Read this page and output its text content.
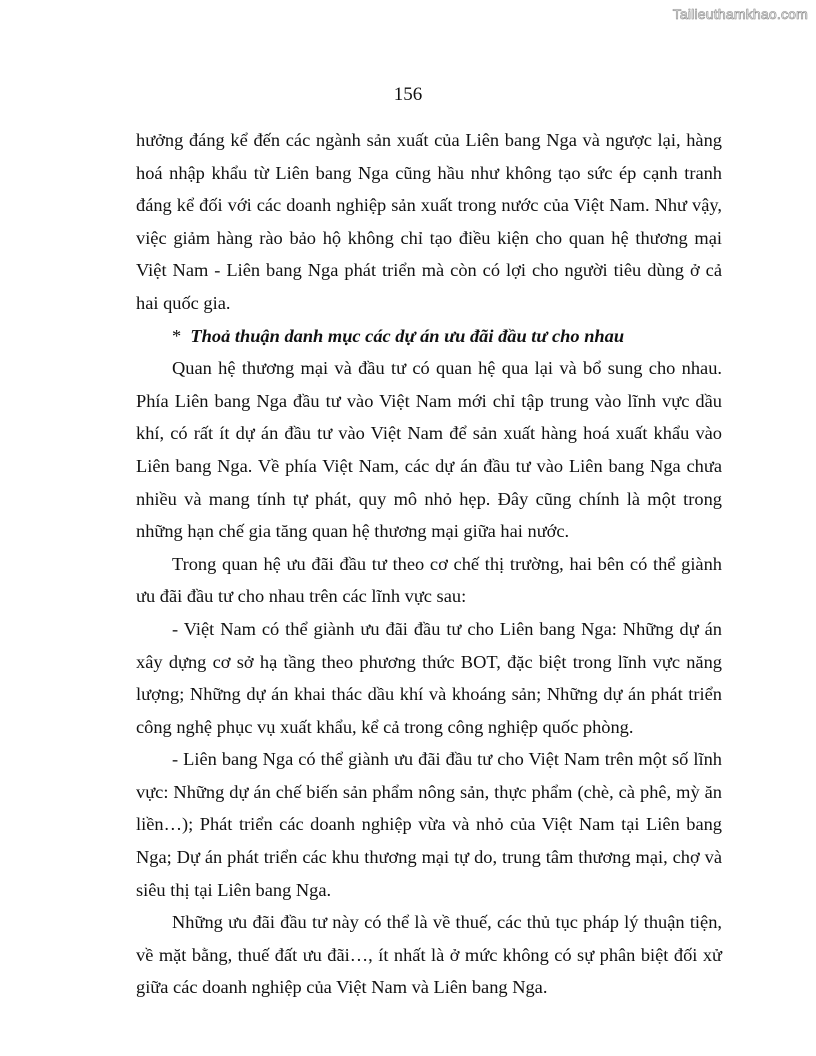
Tailieuthamkhao.com
156

hưởng đáng kể đến các ngành sản xuất của Liên bang Nga và ngược lại, hàng hoá nhập khẩu từ Liên bang Nga cũng hầu như không tạo sức ép cạnh tranh đáng kể đối với các doanh nghiệp sản xuất trong nước của Việt Nam. Như vậy, việc giảm hàng rào bảo hộ không chỉ tạo điều kiện cho quan hệ thương mại Việt Nam - Liên bang Nga phát triển mà còn có lợi cho người tiêu dùng ở cả hai quốc gia.

* Thoả thuận danh mục các dự án ưu đãi đầu tư cho nhau

Quan hệ thương mại và đầu tư có quan hệ qua lại và bổ sung cho nhau. Phía Liên bang Nga đầu tư vào Việt Nam mới chỉ tập trung vào lĩnh vực dầu khí, có rất ít dự án đầu tư vào Việt Nam để sản xuất hàng hoá xuất khẩu vào Liên bang Nga. Về phía Việt Nam, các dự án đầu tư vào Liên bang Nga chưa nhiều và mang tính tự phát, quy mô nhỏ hẹp. Đây cũng chính là một trong những hạn chế gia tăng quan hệ thương mại giữa hai nước.

Trong quan hệ ưu đãi đầu tư theo cơ chế thị trường, hai bên có thể giành ưu đãi đầu tư cho nhau trên các lĩnh vực sau:

- Việt Nam có thể giành ưu đãi đầu tư cho Liên bang Nga: Những dự án xây dựng cơ sở hạ tầng theo phương thức BOT, đặc biệt trong lĩnh vực năng lượng; Những dự án khai thác dầu khí và khoáng sản; Những dự án phát triển công nghệ phục vụ xuất khẩu, kể cả trong công nghiệp quốc phòng.

- Liên bang Nga có thể giành ưu đãi đầu tư cho Việt Nam trên một số lĩnh vực: Những dự án chế biến sản phẩm nông sản, thực phẩm (chè, cà phê, mỳ ăn liền…); Phát triển các doanh nghiệp vừa và nhỏ của Việt Nam tại Liên bang Nga; Dự án phát triển các khu thương mại tự do, trung tâm thương mại, chợ và siêu thị tại Liên bang Nga.

Những ưu đãi đầu tư này có thể là về thuế, các thủ tục pháp lý thuận tiện, về mặt bằng, thuế đất ưu đãi…, ít nhất là ở mức không có sự phân biệt đối xử giữa các doanh nghiệp của Việt Nam và Liên bang Nga.
